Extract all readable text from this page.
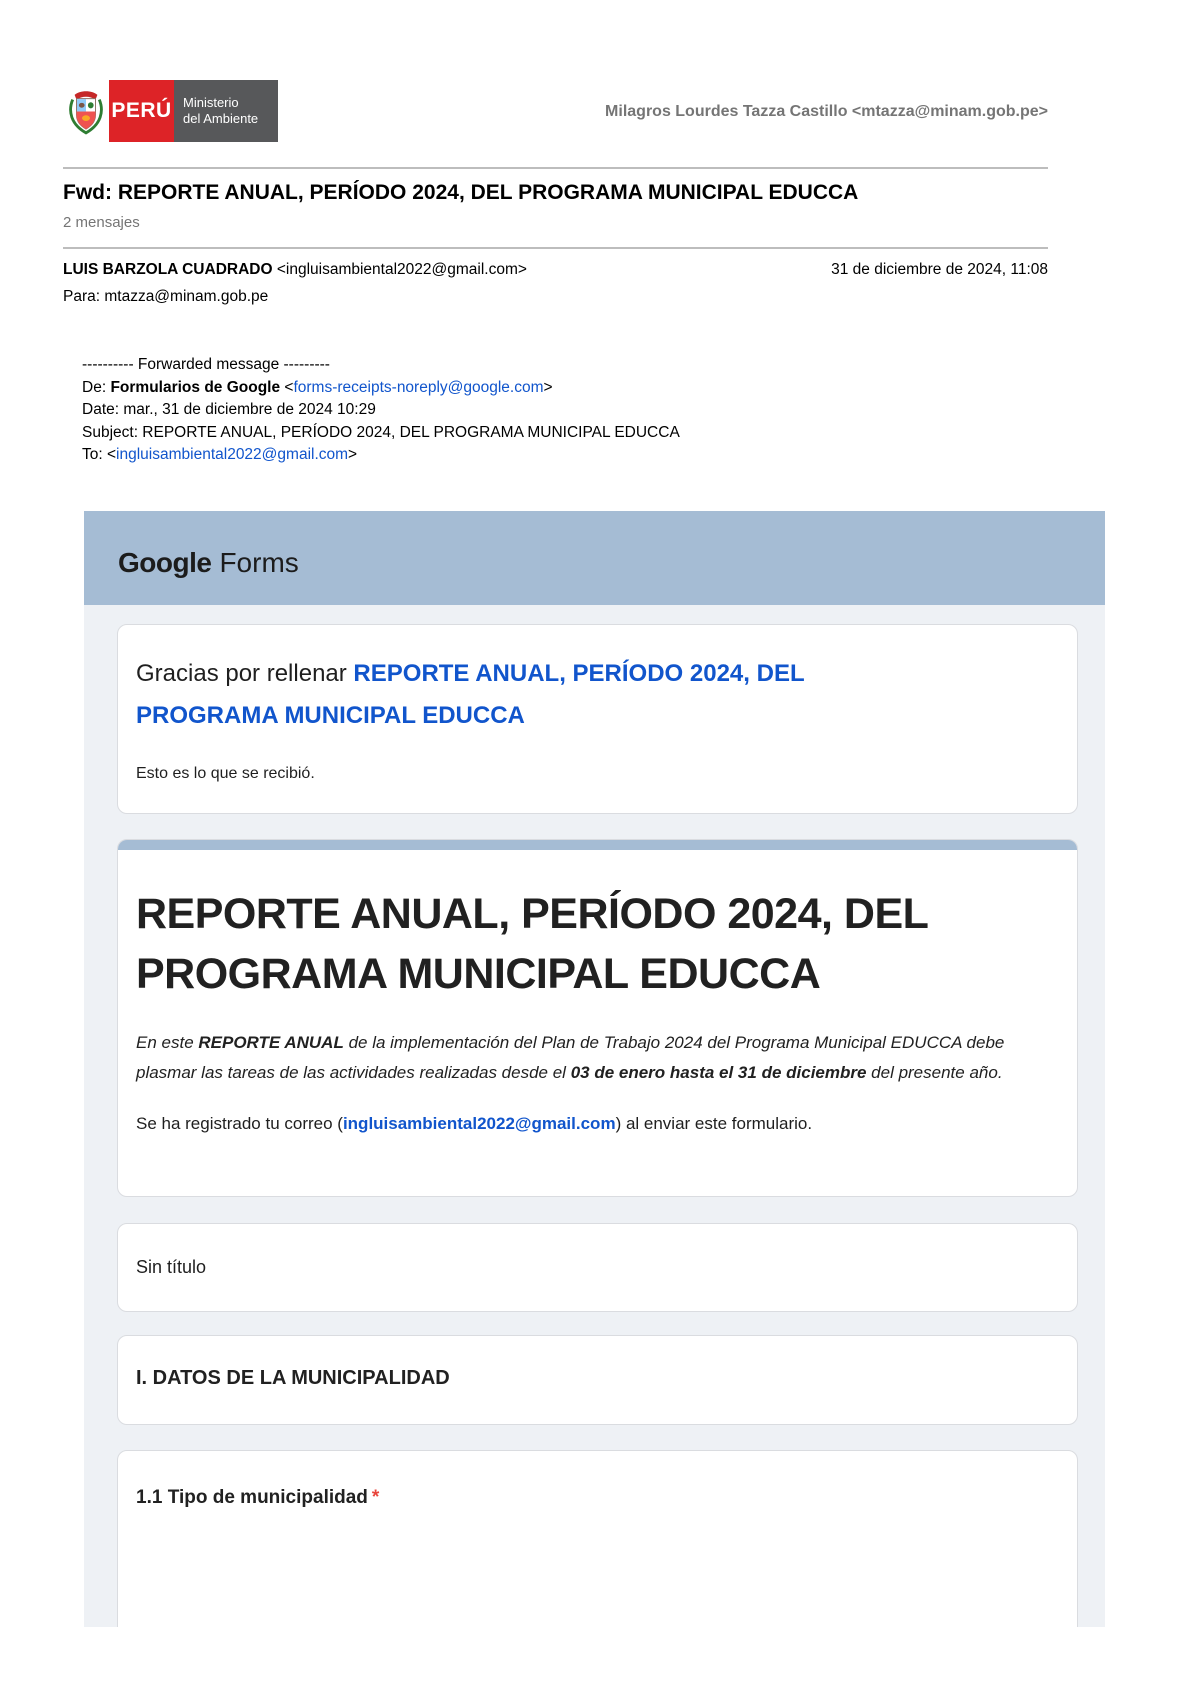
PERÚ Ministerio
del Ambiente	Milagros Lourdes Tazza Castillo <mtazza@minam.gob.pe>
Fwd: REPORTE ANUAL, PERÍODO 2024, DEL PROGRAMA MUNICIPAL EDUCCA
2 mensajes
LUIS BARZOLA CUADRADO <ingluisambiental2022@gmail.com>	31 de diciembre de 2024, 11:08
Para: mtazza@minam.gob.pe
---------- Forwarded message ---------
De: Formularios de Google <forms-receipts-noreply@google.com>
Date: mar., 31 de diciembre de 2024 10:29
Subject: REPORTE ANUAL, PERÍODO 2024, DEL PROGRAMA MUNICIPAL EDUCCA
To: <ingluisambiental2022@gmail.com>
Google Forms
Gracias por rellenar REPORTE ANUAL, PERÍODO 2024, DEL PROGRAMA MUNICIPAL EDUCCA
Esto es lo que se recibió.
REPORTE ANUAL, PERÍODO 2024, DEL PROGRAMA MUNICIPAL EDUCCA
En este REPORTE ANUAL de la implementación del Plan de Trabajo 2024 del Programa Municipal EDUCCA debe plasmar las tareas de las actividades realizadas desde el 03 de enero hasta el 31 de diciembre del presente año.
Se ha registrado tu correo (ingluisambiental2022@gmail.com) al enviar este formulario.
Sin título
I. DATOS DE LA MUNICIPALIDAD
1.1 Tipo de municipalidad *
